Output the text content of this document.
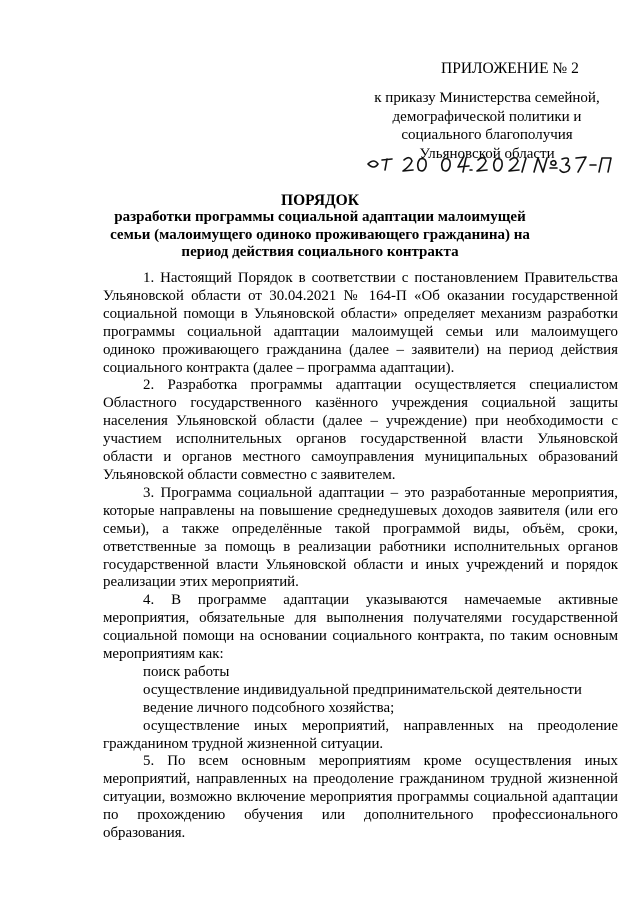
ПРИЛОЖЕНИЕ № 2
к приказу Министерства семейной, демографической политики и социального благополучия Ульяновской области
ПОРЯДОК
разработки программы социальной адаптации малоимущей семьи (малоимущего одиноко проживающего гражданина) на период действия социального контракта

1. Настоящий Порядок в соответствии с постановлением Правительства Ульяновской области от 30.04.2021 № 164-П «Об оказании государственной социальной помощи в Ульяновской области» определяет механизм разработки программы социальной адаптации малоимущей семьи или малоимущего одиноко проживающего гражданина (далее – заявители) на период действия социального контракта (далее – программа адаптации).

2. Разработка программы адаптации осуществляется специалистом Областного государственного казённого учреждения социальной защиты населения Ульяновской области (далее – учреждение) при необходимости с участием исполнительных органов государственной власти Ульяновской области и органов местного самоуправления муниципальных образований Ульяновской области совместно с заявителем.

3. Программа социальной адаптации – это разработанные мероприятия, которые направлены на повышение среднедушевых доходов заявителя (или его семьи), а также определённые такой программой виды, объём, сроки, ответственные за помощь в реализации работники исполнительных органов государственной власти Ульяновской области и иных учреждений и порядок реализации этих мероприятий.

4. В программе адаптации указываются намечаемые активные мероприятия, обязательные для выполнения получателями государственной социальной помощи на основании социального контракта, по таким основным мероприятиям как:

поиск работы

осуществление индивидуальной предпринимательской деятельности

ведение личного подсобного хозяйства;

осуществление иных мероприятий, направленных на преодоление гражданином трудной жизненной ситуации.

5. По всем основным мероприятиям кроме осуществления иных мероприятий, направленных на преодоление гражданином трудной жизненной ситуации, возможно включение мероприятия программы социальной адаптации по прохождению обучения или дополнительного профессионального образования.
